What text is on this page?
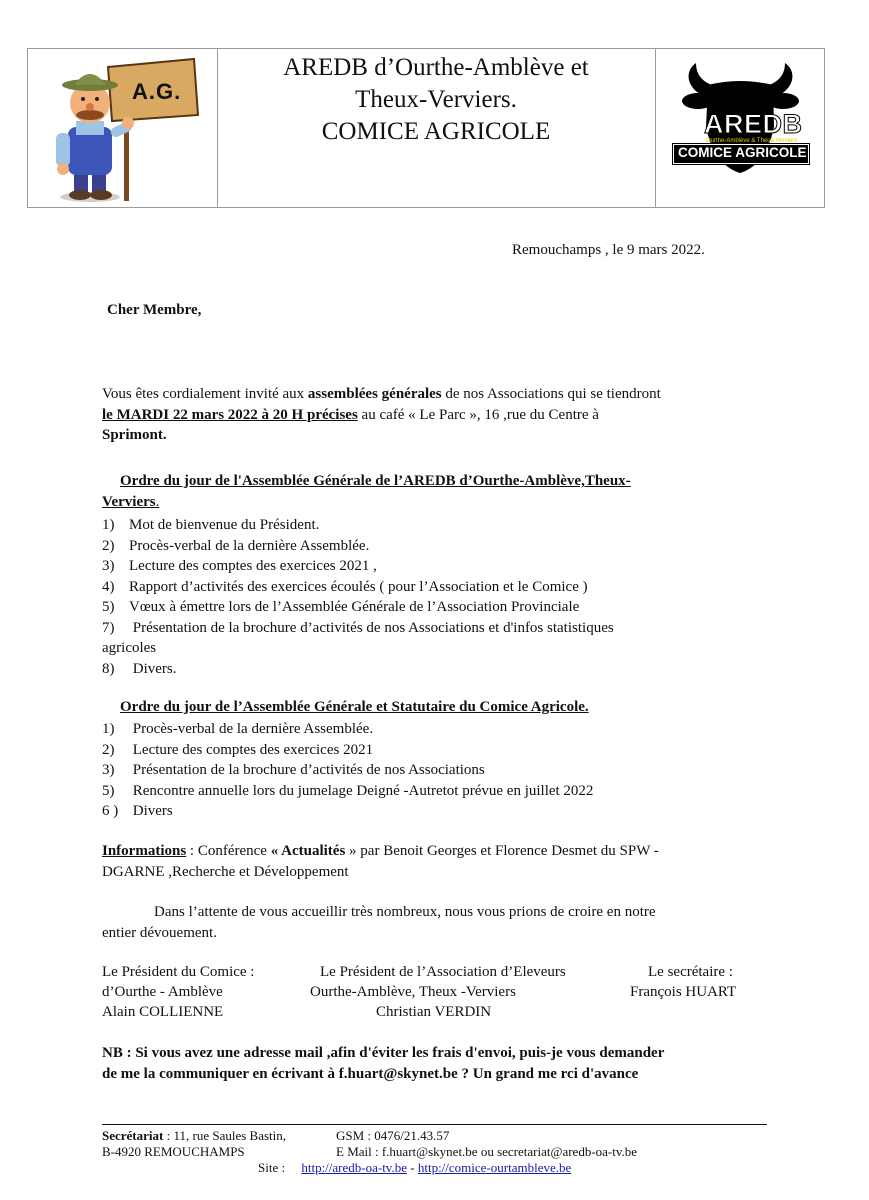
A.G.
AREDB d’Ourthe-Amblève et
Theux-Verviers.
COMICE AGRICOLE	AREDB
Ourthe-Amblève & Theux-Verviers
COMICE AGRICOLE
Remouchamps , le 9 mars 2022.
Cher Membre,
Vous êtes cordialement invité aux assemblées générales de nos Associations qui se tiendront
le MARDI 22 mars 2022 à 20 H précises au café « Le Parc », 16 ,rue du Centre à
Sprimont.
Ordre du jour de l'Assemblée Générale de l’AREDB d’Ourthe-Amblève,Theux-
Verviers.
1) Mot de bienvenue du Président.
2) Procès-verbal de la dernière Assemblée.
3) Lecture des comptes des exercices 2021 ,
4) Rapport d’activités des exercices écoulés ( pour l’Association et le Comice )
5) Vœux à émettre lors de l’Assemblée Générale de l’Association Provinciale
7) Présentation de la brochure d’activités de nos Associations et d'infos statistiques
agricoles
8) Divers.
Ordre du jour de l’Assemblée Générale et Statutaire du Comice Agricole.
1) Procès-verbal de la dernière Assemblée.
2) Lecture des comptes des exercices 2021
3) Présentation de la brochure d’activités de nos Associations
5) Rencontre annuelle lors du jumelage Deigné -Autretot prévue en juillet 2022
6 ) Divers
Informations : Conférence « Actualités » par Benoit Georges et Florence Desmet du SPW -
DGARNE ,Recherche et Développement
Dans l’attente de vous accueillir très nombreux, nous vous prions de croire en notre
entier dévouement.
Le Président du Comice :
d’Ourthe - Amblève
Alain COLLIENNE
Le Président de l’Association d’Eleveurs
Ourthe-Amblève, Theux -Verviers
Christian VERDIN
Le secrétaire :
François HUART
NB : Si vous avez une adresse mail ,afin d'éviter les frais d'envoi, puis-je vous demander
de me la communiquer en écrivant à f.huart@skynet.be ? Un grand me rci d'avance
Secrétariat : 11, rue Saules Bastin,
B-4920 REMOUCHAMPS
GSM : 0476/21.43.57
E Mail : f.huart@skynet.be ou secretariat@aredb-oa-tv.be
Site : http://aredb-oa-tv.be - http://comice-ourtambleve.be
